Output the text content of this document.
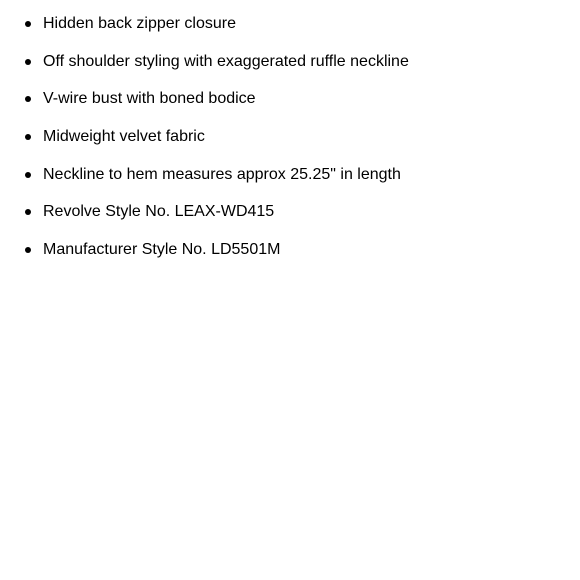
Hidden back zipper closure
Off shoulder styling with exaggerated ruffle neckline
V-wire bust with boned bodice
Midweight velvet fabric
Neckline to hem measures approx 25.25" in length
Revolve Style No. LEAX-WD415
Manufacturer Style No. LD5501M
